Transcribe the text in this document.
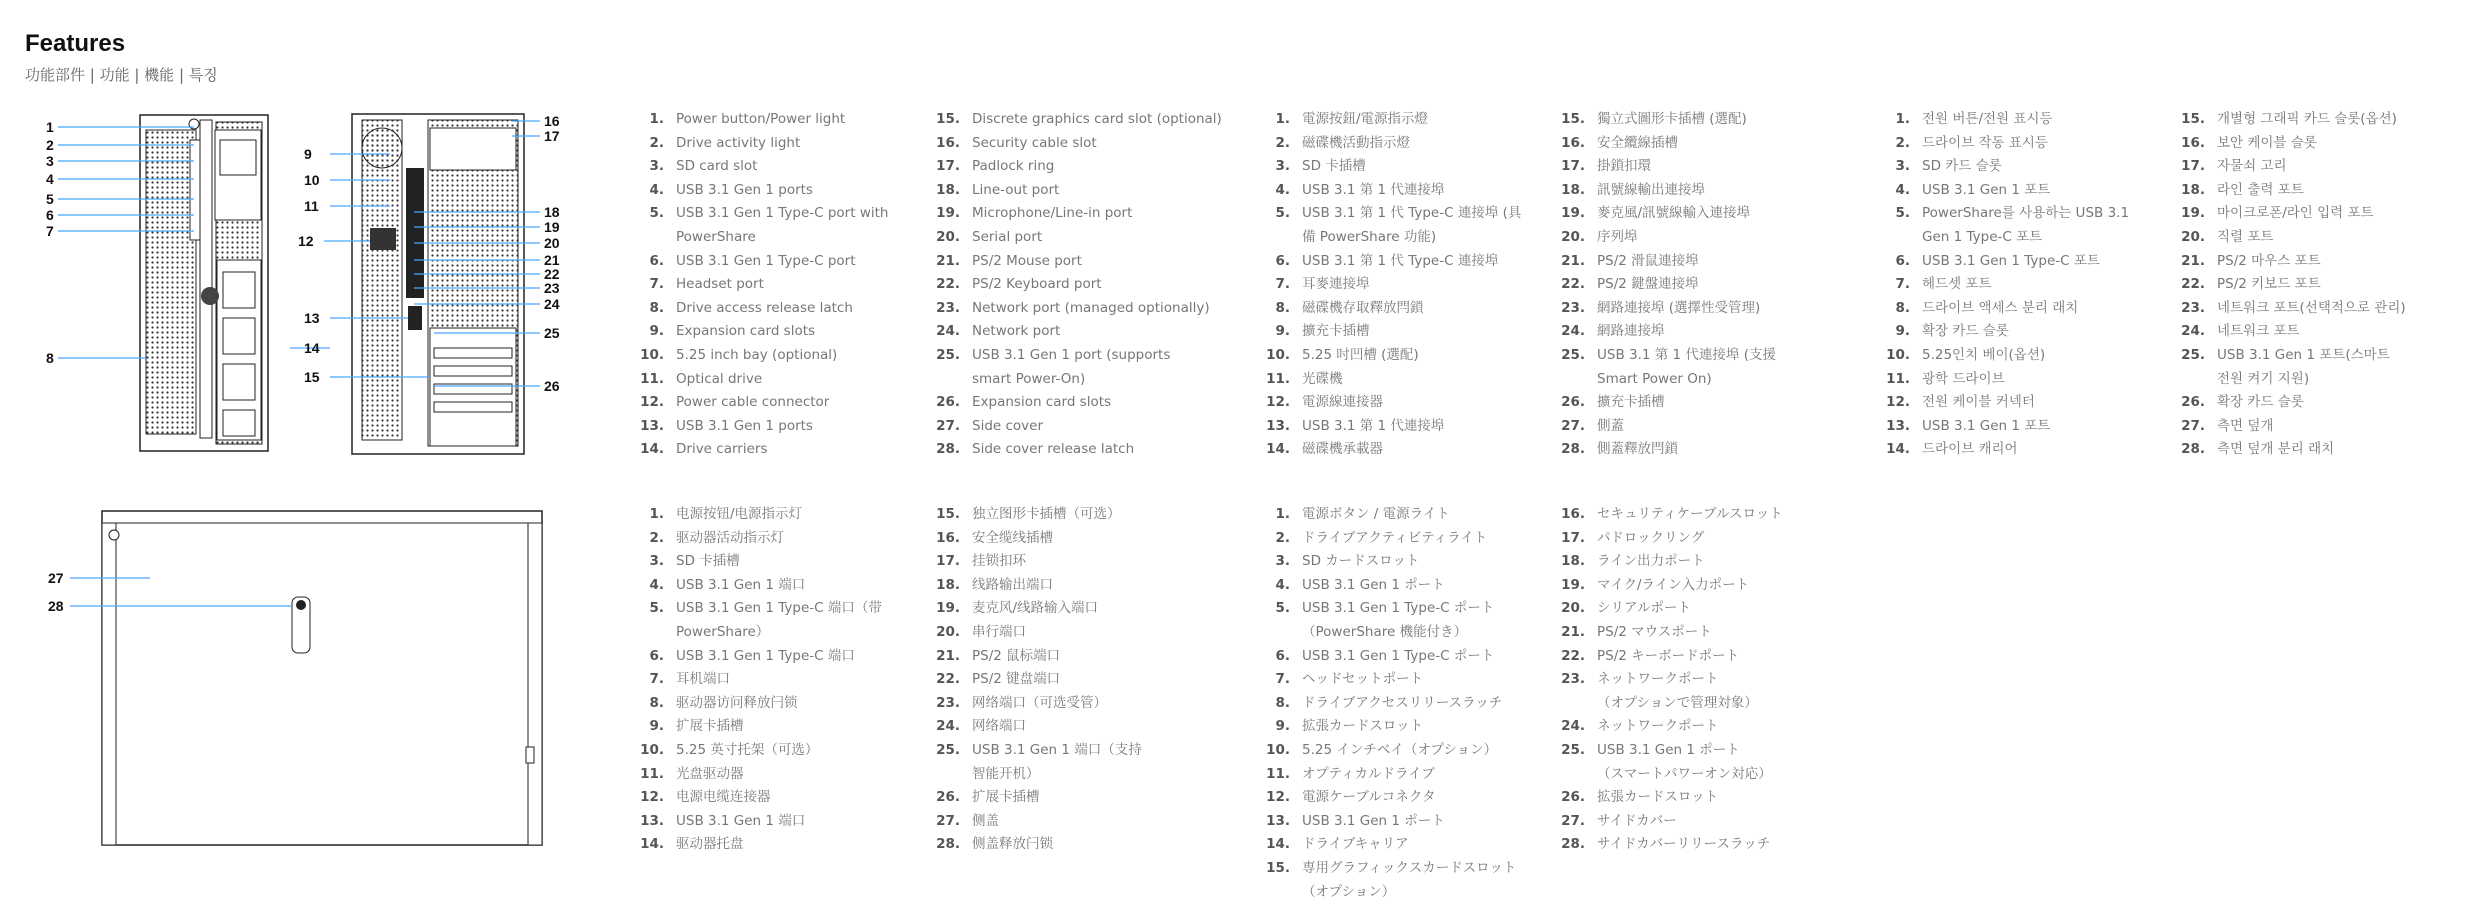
Features
功能部件 | 功能 | 機能 | 특징
1
2
3
4
5
6
7
8
16
17
9
10
11
12
18
19
20
21
22
23
24
13
25
15
26
14
27
28
1. Power button/Power light
2. Drive activity light
3. SD card slot
4. USB 3.1 Gen 1 ports
5. USB 3.1 Gen 1 Type-C port with
PowerShare
6. USB 3.1 Gen 1 Type-C port
7. Headset port
8. Drive access release latch
9. Expansion card slots
10. 5.25 inch bay (optional)
11. Optical drive
12. Power cable connector
13. USB 3.1 Gen 1 ports
14. Drive carriers
15. Discrete graphics card slot (optional)
16. Security cable slot
17. Padlock ring
18. Line-out port
19. Microphone/Line-in port
20. Serial port
21. PS/2 Mouse port
22. PS/2 Keyboard port
23. Network port (managed optionally)
24. Network port
25. USB 3.1 Gen 1 port (supports
smart Power-On)
26. Expansion card slots
27. Side cover
28. Side cover release latch
1. 電源按鈕/電源指示燈
2. 磁碟機活動指示燈
3. SD 卡插槽
4. USB 3.1 第 1 代連接埠
5. USB 3.1 第 1 代 Type-C 連接埠 (具
備 PowerShare 功能)
6. USB 3.1 第 1 代 Type-C 連接埠
7. 耳麥連接埠
8. 磁碟機存取釋放閂鎖
9. 擴充卡插槽
10. 5.25 吋凹槽 (選配)
11. 光碟機
12. 電源線連接器
13. USB 3.1 第 1 代連接埠
14. 磁碟機承載器
15. 獨立式圖形卡插槽 (選配)
16. 安全纜線插槽
17. 掛鎖扣環
18. 訊號線輸出連接埠
19. 麥克風/訊號線輸入連接埠
20. 序列埠
21. PS/2 滑鼠連接埠
22. PS/2 鍵盤連接埠
23. 網路連接埠 (選擇性受管理)
24. 網路連接埠
25. USB 3.1 第 1 代連接埠 (支援
Smart Power On)
26. 擴充卡插槽
27. 側蓋
28. 側蓋釋放閂鎖
1. 전원 버튼/전원 표시등
2. 드라이브 작동 표시등
3. SD 카드 슬롯
4. USB 3.1 Gen 1 포트
5. PowerShare를 사용하는 USB 3.1
Gen 1 Type-C 포트
6. USB 3.1 Gen 1 Type-C 포트
7. 헤드셋 포트
8. 드라이브 액세스 분리 래치
9. 확장 카드 슬롯
10. 5.25인치 베이(옵션)
11. 광학 드라이브
12. 전원 케이블 커넥터
13. USB 3.1 Gen 1 포트
14. 드라이브 캐리어
15. 개별형 그래픽 카드 슬롯(옵션)
16. 보안 케이블 슬롯
17. 자물쇠 고리
18. 라인 출력 포트
19. 마이크로폰/라인 입력 포트
20. 직렬 포트
21. PS/2 마우스 포트
22. PS/2 키보드 포트
23. 네트워크 포트(선택적으로 관리)
24. 네트워크 포트
25. USB 3.1 Gen 1 포트(스마트
전원 켜기 지원)
26. 확장 카드 슬롯
27. 측면 덮개
28. 측면 덮개 분리 래치
1. 电源按钮/电源指示灯
2. 驱动器活动指示灯
3. SD 卡插槽
4. USB 3.1 Gen 1 端口
5. USB 3.1 Gen 1 Type-C 端口（带
PowerShare）
6. USB 3.1 Gen 1 Type-C 端口
7. 耳机端口
8. 驱动器访问释放闩锁
9. 扩展卡插槽
10. 5.25 英寸托架（可选）
11. 光盘驱动器
12. 电源电缆连接器
13. USB 3.1 Gen 1 端口
14. 驱动器托盘
15. 独立图形卡插槽（可选）
16. 安全缆线插槽
17. 挂锁扣环
18. 线路输出端口
19. 麦克风/线路输入端口
20. 串行端口
21. PS/2 鼠标端口
22. PS/2 键盘端口
23. 网络端口（可选受管）
24. 网络端口
25. USB 3.1 Gen 1 端口（支持
智能开机）
26. 扩展卡插槽
27. 侧盖
28. 侧盖释放闩锁
1. 電源ボタン / 電源ライト
2. ドライブアクティビティライト
3. SD カードスロット
4. USB 3.1 Gen 1 ポート
5. USB 3.1 Gen 1 Type-C ポート
（PowerShare 機能付き）
6. USB 3.1 Gen 1 Type-C ポート
7. ヘッドセットポート
8. ドライブアクセスリリースラッチ
9. 拡張カードスロット
10. 5.25 インチベイ（オプション）
11. オプティカルドライブ
12. 電源ケーブルコネクタ
13. USB 3.1 Gen 1 ポート
14. ドライブキャリア
15. 専用グラフィックスカードスロット
（オプション）
16. セキュリティケーブルスロット
17. パドロックリング
18. ライン出力ポート
19. マイク/ライン入力ポート
20. シリアルポート
21. PS/2 マウスポート
22. PS/2 キーボードポート
23. ネットワークポート
（オプションで管理対象）
24. ネットワークポート
25. USB 3.1 Gen 1 ポート
（スマートパワーオン対応）
26. 拡張カードスロット
27. サイドカバー
28. サイドカバーリリースラッチ
